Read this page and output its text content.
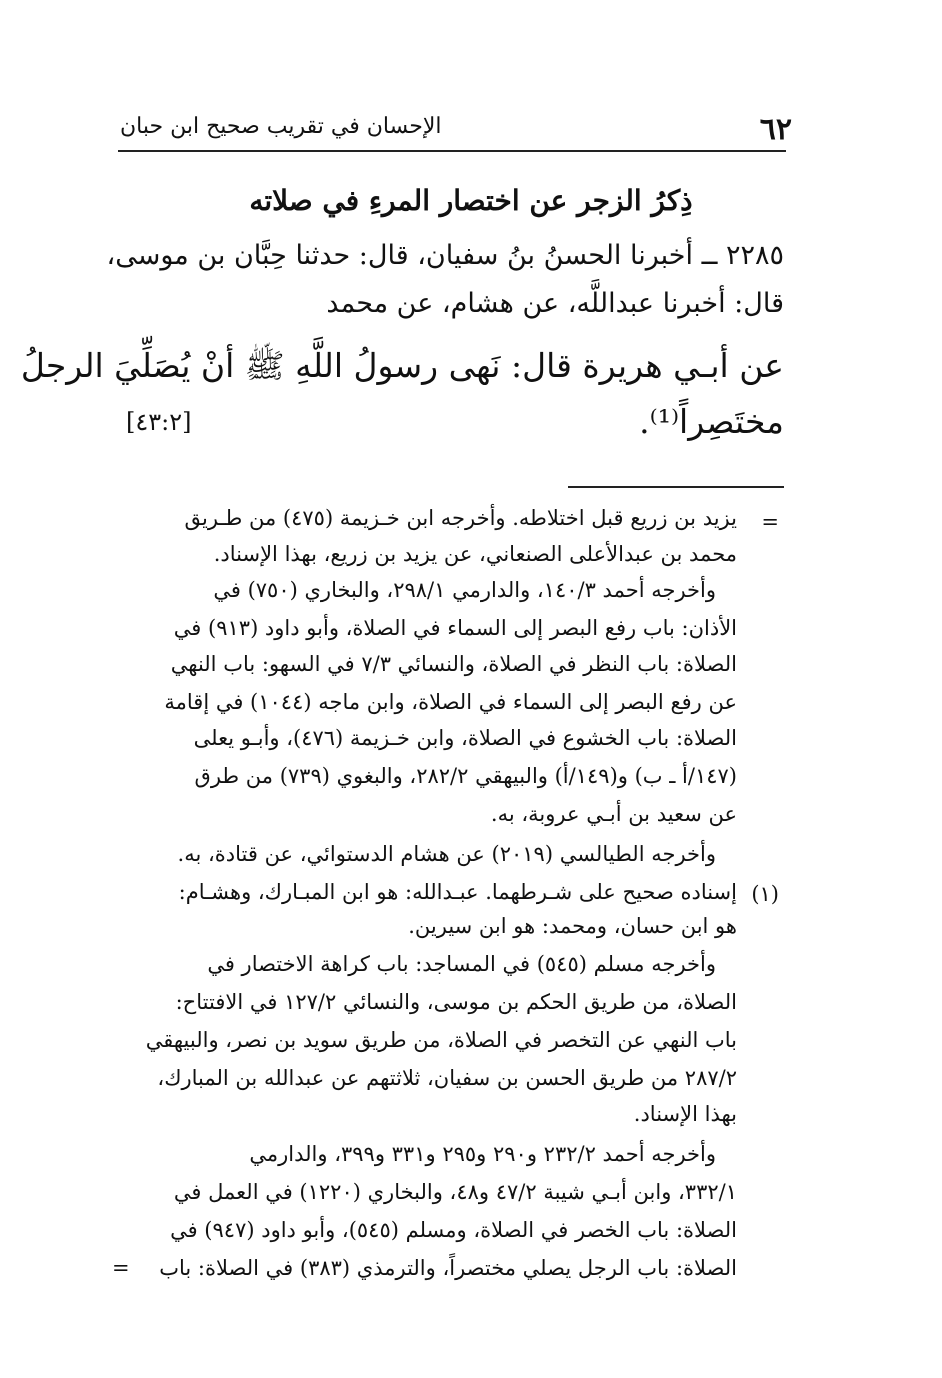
٦٢
الإحسان في تقريب صحيح ابن حبان
ذِكرُ الزجر عن اختصار المرءِ في صلاته
٢٢٨٥ ــ أخبرنا الحسنُ بنُ سفيان، قال: حدثنا حِبَّان بن موسى،
قال: أخبرنا عبداللَّه، عن هشام، عن محمد
عن أبـي هريرة قال: نَهى رسولُ اللَّهِ ﷺ أنْ يُصَلِّيَ الرجلُ
مختَصِراً⁽¹⁾.
[٤٣:٢]
=
(١)
=
يزيد بن زريع قبل اختلاطه. وأخرجه ابن خـزيمة (٤٧٥) من طـريق
محمد بن عبدالأعلى الصنعاني، عن يزيد بن زريع، بهذا الإسناد.
وأخرجه أحمد ١٤٠/٣، والدارمي ٢٩٨/١، والبخاري (٧٥٠) في
الأذان: باب رفع البصر إلى السماء في الصلاة، وأبو داود (٩١٣) في
الصلاة: باب النظر في الصلاة، والنسائي ٧/٣ في السهو: باب النهي
عن رفع البصر إلى السماء في الصلاة، وابن ماجه (١٠٤٤) في إقامة
الصلاة: باب الخشوع في الصلاة، وابن خـزيمة (٤٧٦)، وأبـو يعلى
(١٤٧/أ ـ ب) و(١٤٩/أ) والبيهقي ٢٨٢/٢، والبغوي (٧٣٩) من طرق
عن سعيد بن أبـي عروبة، به.
وأخرجه الطيالسي (٢٠١٩) عن هشام الدستوائي، عن قتادة، به.
إسناده صحيح على شـرطهما. عبـدالله: هو ابن المبـارك، وهشـام:
هو ابن حسان، ومحمد: هو ابن سيرين.
وأخرجه مسلم (٥٤٥) في المساجد: باب كراهة الاختصار في
الصلاة، من طريق الحكم بن موسى، والنسائي ١٢٧/٢ في الافتتاح:
باب النهي عن التخصر في الصلاة، من طريق سويد بن نصر، والبيهقي
٢٨٧/٢ من طريق الحسن بن سفيان، ثلاثتهم عن عبدالله بن المبارك،
بهذا الإسناد.
وأخرجه أحمد ٢٣٢/٢ و٢٩٠ و٢٩٥ و٣٣١ و٣٩٩، والدارمي
٣٣٢/١، وابن أبـي شيبة ٤٧/٢ و٤٨، والبخاري (١٢٢٠) في العمل في
الصلاة: باب الخصر في الصلاة، ومسلم (٥٤٥)، وأبو داود (٩٤٧) في
الصلاة: باب الرجل يصلي مختصراً، والترمذي (٣٨٣) في الصلاة: باب
